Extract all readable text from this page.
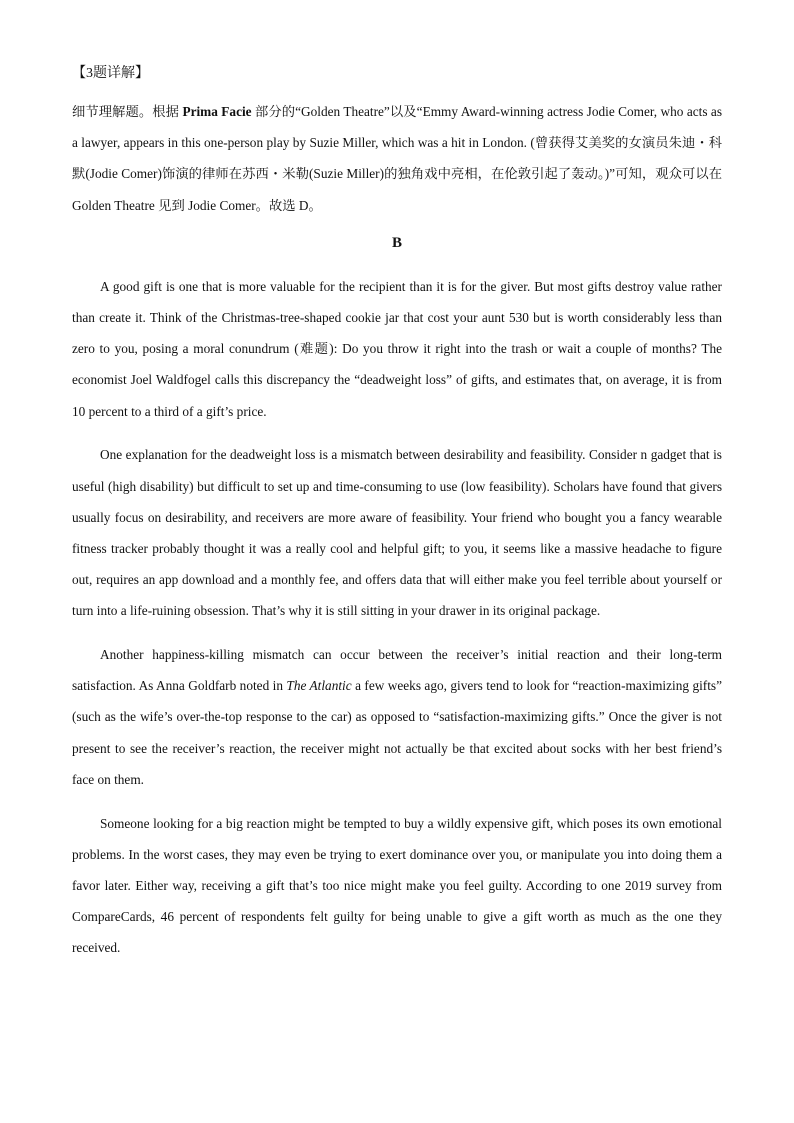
【3题详解】

细节理解题。根据 Prima Facie 部分的“Golden Theatre”以及“Emmy Award-winning actress Jodie Comer, who acts as a lawyer, appears in this one-person play by Suzie Miller, which was a hit in London. (曾获得艾美奖的女演员朱迪・科默(Jodie Comer)饰演的律师在苏西・米勒(Suzie Miller)的独角戏中亮相，在伦敦引起了轰动。)”可知，观众可以在 Golden Theatre 见到 Jodie Comer。故选 D。

B

A good gift is one that is more valuable for the recipient than it is for the giver. But most gifts destroy value rather than create it. Think of the Christmas-tree-shaped cookie jar that cost your aunt 530 but is worth considerably less than zero to you, posing a moral conundrum (难题): Do you throw it right into the trash or wait a couple of months? The economist Joel Waldfogel calls this discrepancy the “deadweight loss” of gifts, and estimates that, on average, it is from 10 percent to a third of a gift’s price.

One explanation for the deadweight loss is a mismatch between desirability and feasibility. Consider n gadget that is useful (high disability) but difficult to set up and time-consuming to use (low feasibility). Scholars have found that givers usually focus on desirability, and receivers are more aware of feasibility. Your friend who bought you a fancy wearable fitness tracker probably thought it was a really cool and helpful gift; to you, it seems like a massive headache to figure out, requires an app download and a monthly fee, and offers data that will either make you feel terrible about yourself or turn into a life-ruining obsession. That’s why it is still sitting in your drawer in its original package.

Another happiness-killing mismatch can occur between the receiver’s initial reaction and their long-term satisfaction. As Anna Goldfarb noted in The Atlantic a few weeks ago, givers tend to look for “reaction-maximizing gifts” (such as the wife’s over-the-top response to the car) as opposed to “satisfaction-maximizing gifts.” Once the giver is not present to see the receiver’s reaction, the receiver might not actually be that excited about socks with her best friend’s face on them.

Someone looking for a big reaction might be tempted to buy a wildly expensive gift, which poses its own emotional problems. In the worst cases, they may even be trying to exert dominance over you, or manipulate you into doing them a favor later. Either way, receiving a gift that’s too nice might make you feel guilty. According to one 2019 survey from CompareCards, 46 percent of respondents felt guilty for being unable to give a gift worth as much as the one they received.
